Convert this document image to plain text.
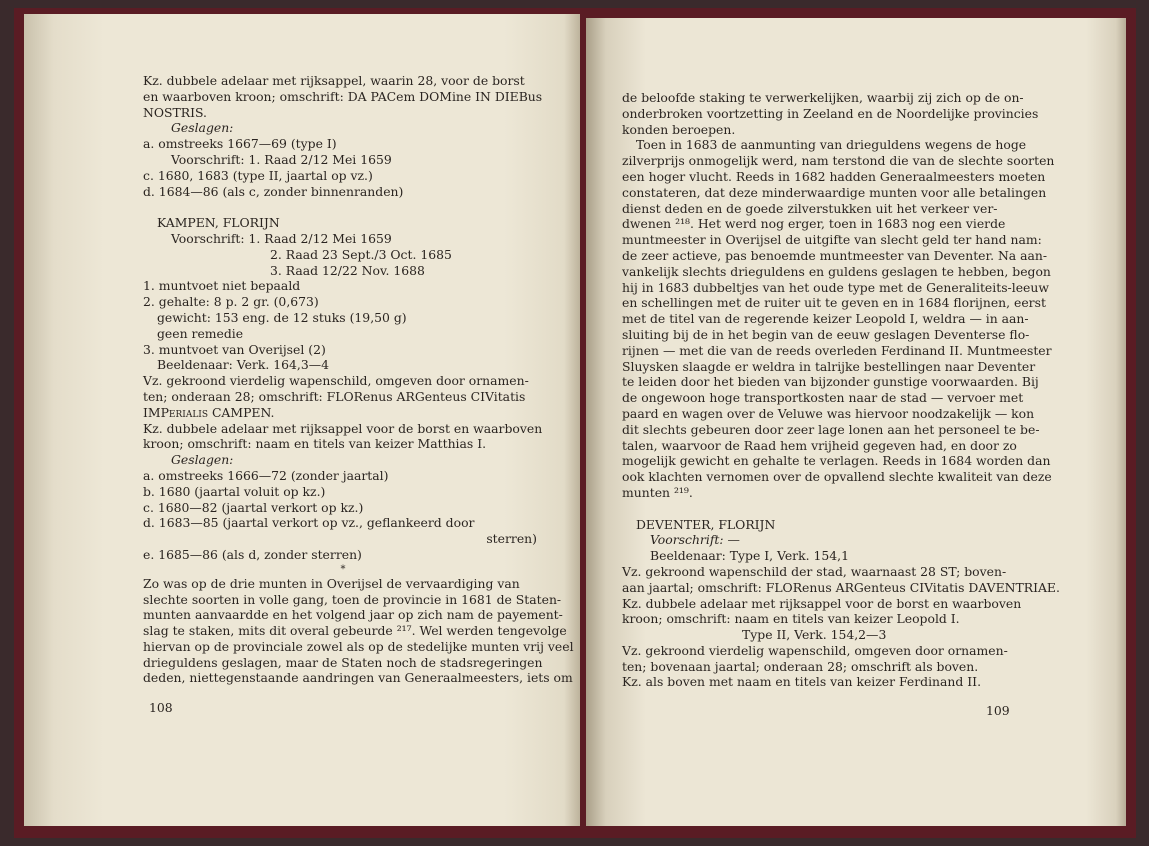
Kz. dubbele adelaar met rijksappel, waarin 28, voor de borst
en waarboven kroon; omschrift: DA PACem DOMine IN DIEBus
NOSTRIS.
Geslagen:
a. omstreeks 1667—69 (type I)
Voorschrift: 1. Raad 2/12 Mei 1659
c. 1680, 1683 (type II, jaartal op vz.)
d. 1684—86 (als c, zonder binnenranden)
KAMPEN, FLORIJN
Voorschrift: 1. Raad 2/12 Mei 1659
2. Raad 23 Sept./3 Oct. 1685
3. Raad 12/22 Nov. 1688
1. muntvoet niet bepaald
2. gehalte: 8 p. 2 gr. (0,673)
gewicht: 153 eng. de 12 stuks (19,50 g)
geen remedie
3. muntvoet van Overijsel (2)
Beeldenaar: Verk. 164,3—4
Vz. gekroond vierdelig wapenschild, omgeven door ornamen-
ten; onderaan 28; omschrift: FLORenus ARGenteus CIVitatis
IMPerialis CAMPEN.
Kz. dubbele adelaar met rijksappel voor de borst en waarboven
kroon; omschrift: naam en titels van keizer Matthias I.
Geslagen:
a. omstreeks 1666—72 (zonder jaartal)
b. 1680 (jaartal voluit op kz.)
c. 1680—82 (jaartal verkort op kz.)
d. 1683—85 (jaartal verkort op vz., geflankeerd door
sterren)
e. 1685—86 (als d, zonder sterren)
*
Zo was op de drie munten in Overijsel de vervaardiging van
slechte soorten in volle gang, toen de provincie in 1681 de Staten-
munten aanvaardde en het volgend jaar op zich nam de payement-
slag te staken, mits dit overal gebeurde ²¹⁷. Wel werden tengevolge
hiervan op de provinciale zowel als op de stedelijke munten vrij veel
drieguldens geslagen, maar de Staten noch de stadsregeringen
deden, niettegenstaande aandringen van Generaalmeesters, iets om
108
de beloofde staking te verwerkelijken, waarbij zij zich op de on-
onderbroken voortzetting in Zeeland en de Noordelijke provincies
konden beroepen.
Toen in 1683 de aanmunting van drieguldens wegens de hoge
zilverprijs onmogelijk werd, nam terstond die van de slechte soorten
een hoger vlucht. Reeds in 1682 hadden Generaalmeesters moeten
constateren, dat deze minderwaardige munten voor alle betalingen
dienst deden en de goede zilverstukken uit het verkeer ver-
dwenen ²¹⁸. Het werd nog erger, toen in 1683 nog een vierde
muntmeester in Overijsel de uitgifte van slecht geld ter hand nam:
de zeer actieve, pas benoemde muntmeester van Deventer. Na aan-
vankelijk slechts drieguldens en guldens geslagen te hebben, begon
hij in 1683 dubbeltjes van het oude type met de Generaliteits-leeuw
en schellingen met de ruiter uit te geven en in 1684 florijnen, eerst
met de titel van de regerende keizer Leopold I, weldra — in aan-
sluiting bij de in het begin van de eeuw geslagen Deventerse flo-
rijnen — met die van de reeds overleden Ferdinand II. Muntmeester
Sluysken slaagde er weldra in talrijke bestellingen naar Deventer
te leiden door het bieden van bijzonder gunstige voorwaarden. Bij
de ongewoon hoge transportkosten naar de stad — vervoer met
paard en wagen over de Veluwe was hiervoor noodzakelijk — kon
dit slechts gebeuren door zeer lage lonen aan het personeel te be-
talen, waarvoor de Raad hem vrijheid gegeven had, en door zo
mogelijk gewicht en gehalte te verlagen. Reeds in 1684 worden dan
ook klachten vernomen over de opvallend slechte kwaliteit van deze
munten ²¹⁹.
DEVENTER, FLORIJN
Voorschrift: —
Beeldenaar: Type I, Verk. 154,1
Vz. gekroond wapenschild der stad, waarnaast 28 ST; boven-
aan jaartal; omschrift: FLORenus ARGenteus CIVitatis DAVENTRIAE.
Kz. dubbele adelaar met rijksappel voor de borst en waarboven
kroon; omschrift: naam en titels van keizer Leopold I.
Type II, Verk. 154,2—3
Vz. gekroond vierdelig wapenschild, omgeven door ornamen-
ten; bovenaan jaartal; onderaan 28; omschrift als boven.
Kz. als boven met naam en titels van keizer Ferdinand II.
109
